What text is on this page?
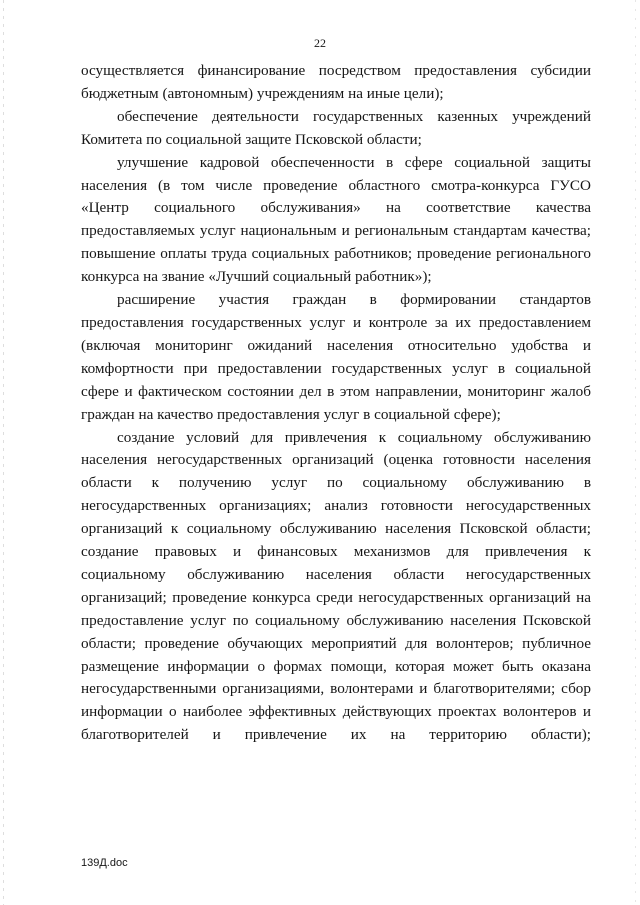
22

осуществляется финансирование посредством предоставления субсидии бюджетным (автономным) учреждениям на иные цели);

обеспечение деятельности государственных казенных учреждений Комитета по социальной защите Псковской области;

улучшение кадровой обеспеченности в сфере социальной защиты населения (в том числе проведение областного смотра-конкурса ГУСО «Центр социального обслуживания» на соответствие качества предоставляемых услуг национальным и региональным стандартам качества; повышение оплаты труда социальных работников; проведение регионального конкурса на звание «Лучший социальный работник»);

расширение участия граждан в формировании стандартов предоставления государственных услуг и контроле за их предоставлением (включая мониторинг ожиданий населения относительно удобства и комфортности при предоставлении государственных услуг в социальной сфере и фактическом состоянии дел в этом направлении, мониторинг жалоб граждан на качество предоставления услуг в социальной сфере);

создание условий для привлечения к социальному обслуживанию населения негосударственных организаций (оценка готовности населения области к получению услуг по социальному обслуживанию в негосударственных организациях; анализ готовности негосударственных организаций к социальному обслуживанию населения Псковской области; создание правовых и финансовых механизмов для привлечения к социальному обслуживанию населения области негосударственных организаций; проведение конкурса среди негосударственных организаций на предоставление услуг по социальному обслуживанию населения Псковской области; проведение обучающих мероприятий для волонтеров; публичное размещение информации о формах помощи, которая может быть оказана негосударственными организациями, волонтерами и благотворителями; сбор информации о наиболее эффективных действующих проектах волонтеров и благотворителей и привлечение их на территорию области);

139Д.doc
